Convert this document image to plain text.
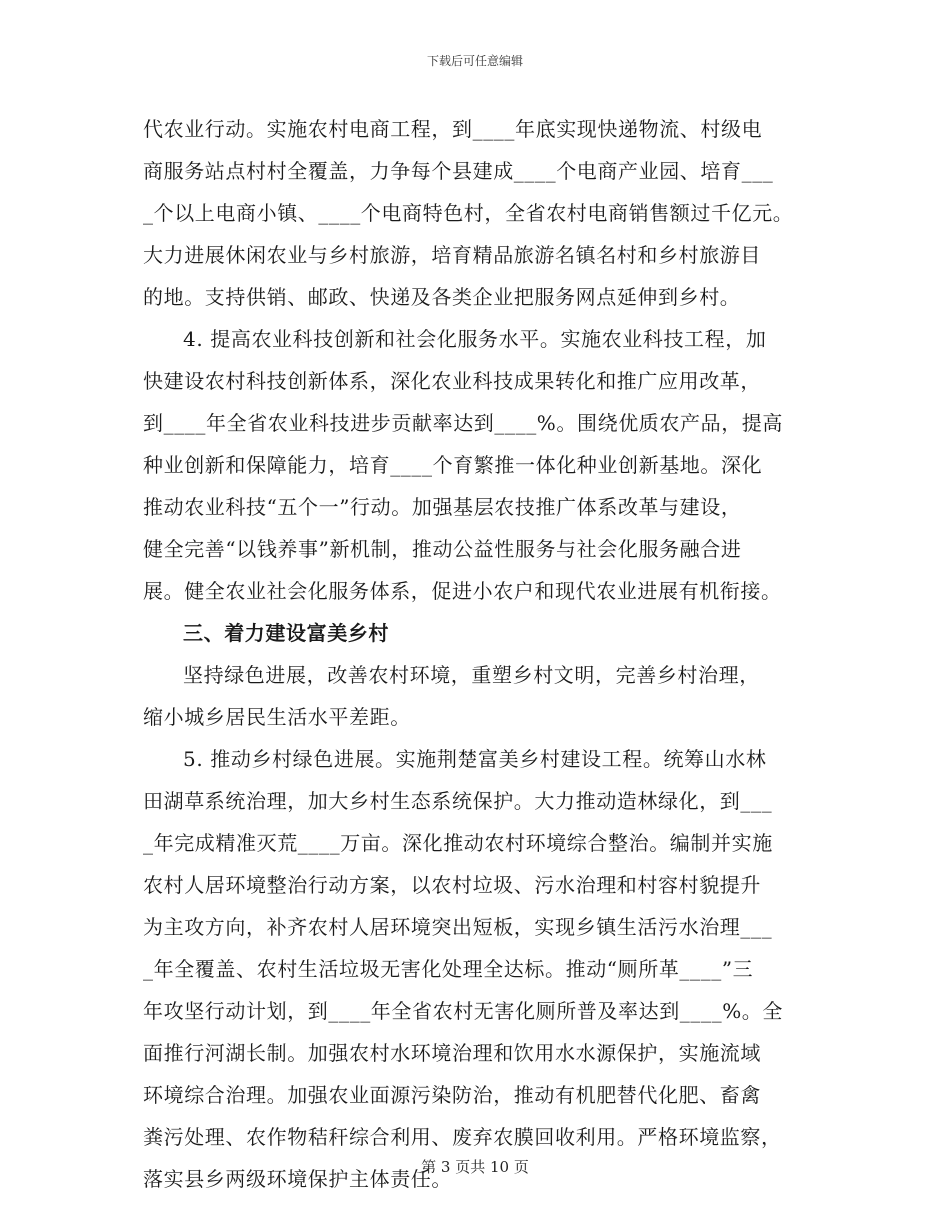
下载后可任意编辑
代农业行动。实施农村电商工程，到____年底实现快递物流、村级电
商服务站点村村全覆盖，力争每个县建成____个电商产业园、培育___
_个以上电商小镇、____个电商特色村，全省农村电商销售额过千亿元。
大力进展休闲农业与乡村旅游，培育精品旅游名镇名村和乡村旅游目
的地。支持供销、邮政、快递及各类企业把服务网点延伸到乡村。
4. 提高农业科技创新和社会化服务水平。实施农业科技工程，加
快建设农村科技创新体系，深化农业科技成果转化和推广应用改革，
到____年全省农业科技进步贡献率达到____%。围绕优质农产品，提高
种业创新和保障能力，培育____个育繁推一体化种业创新基地。深化
推动农业科技“五个一”行动。加强基层农技推广体系改革与建设，
健全完善“以钱养事”新机制，推动公益性服务与社会化服务融合进
展。健全农业社会化服务体系，促进小农户和现代农业进展有机衔接。
三、着力建设富美乡村
坚持绿色进展，改善农村环境，重塑乡村文明，完善乡村治理，
缩小城乡居民生活水平差距。
5. 推动乡村绿色进展。实施荆楚富美乡村建设工程。统筹山水林
田湖草系统治理，加大乡村生态系统保护。大力推动造林绿化，到___
_年完成精准灭荒____万亩。深化推动农村环境综合整治。编制并实施
农村人居环境整治行动方案，以农村垃圾、污水治理和村容村貌提升
为主攻方向，补齐农村人居环境突出短板，实现乡镇生活污水治理___
_年全覆盖、农村生活垃圾无害化处理全达标。推动“厕所革____”三
年攻坚行动计划，到____年全省农村无害化厕所普及率达到____%。全
面推行河湖长制。加强农村水环境治理和饮用水水源保护，实施流域
环境综合治理。加强农业面源污染防治，推动有机肥替代化肥、畜禽
粪污处理、农作物秸秆综合利用、废弃农膜回收利用。严格环境监察，
落实县乡两级环境保护主体责任。
第 3 页共 10 页
